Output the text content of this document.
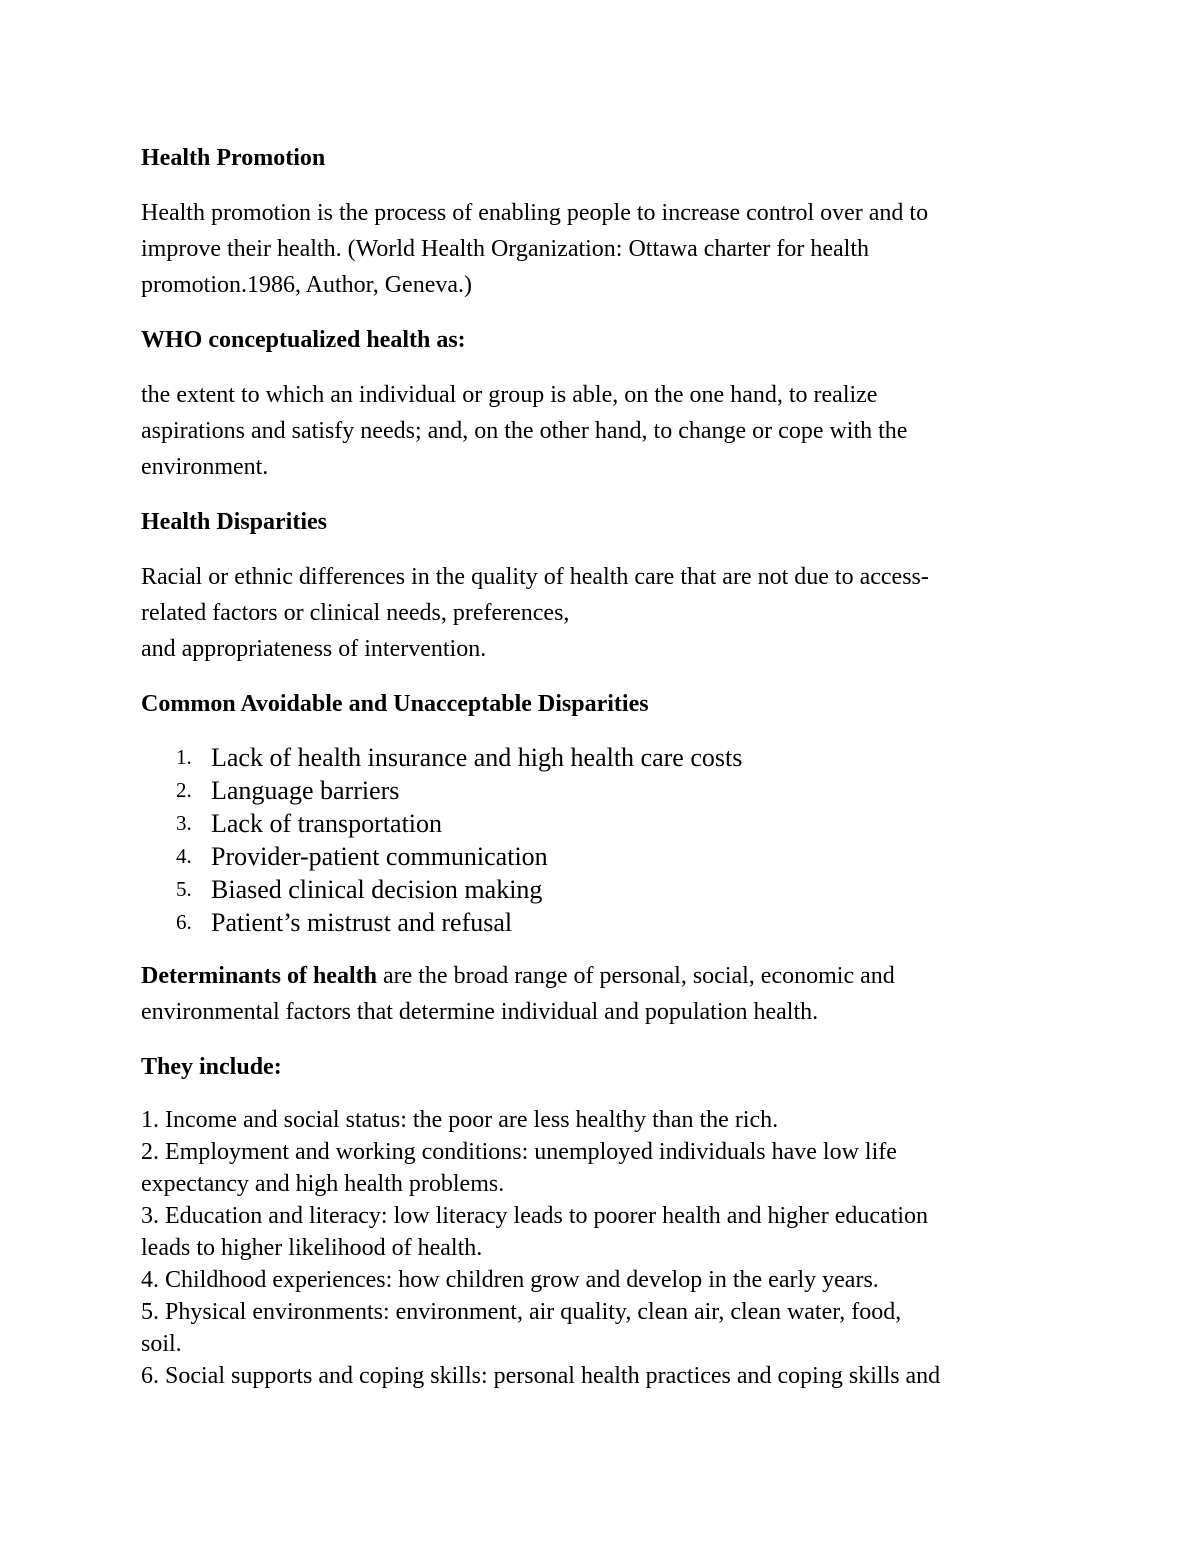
Health Promotion
Health promotion is the process of enabling people to increase control over and to
improve their health. (World Health Organization: Ottawa charter for health
promotion.1986, Author, Geneva.)
WHO conceptualized health as:
the extent to which an individual or group is able, on the one hand, to realize
aspirations and satisfy needs; and, on the other hand, to change or cope with the
environment.
Health Disparities
Racial or ethnic differences in the quality of health care that are not due to access-
related factors or clinical needs, preferences,
and appropriateness of intervention.
Common Avoidable and Unacceptable Disparities
1. Lack of health insurance and high health care costs
2. Language barriers
3. Lack of transportation
4. Provider-patient communication
5. Biased clinical decision making
6. Patient’s mistrust and refusal
Determinants of health are the broad range of personal, social, economic and
environmental factors that determine individual and population health.
They include:
1. Income and social status: the poor are less healthy than the rich.
2. Employment and working conditions: unemployed individuals have low life
expectancy and high health problems.
3. Education and literacy: low literacy leads to poorer health and higher education
leads to higher likelihood of health.
4. Childhood experiences: how children grow and develop in the early years.
5. Physical environments: environment, air quality, clean air, clean water, food,
soil.
6. Social supports and coping skills: personal health practices and coping skills and
